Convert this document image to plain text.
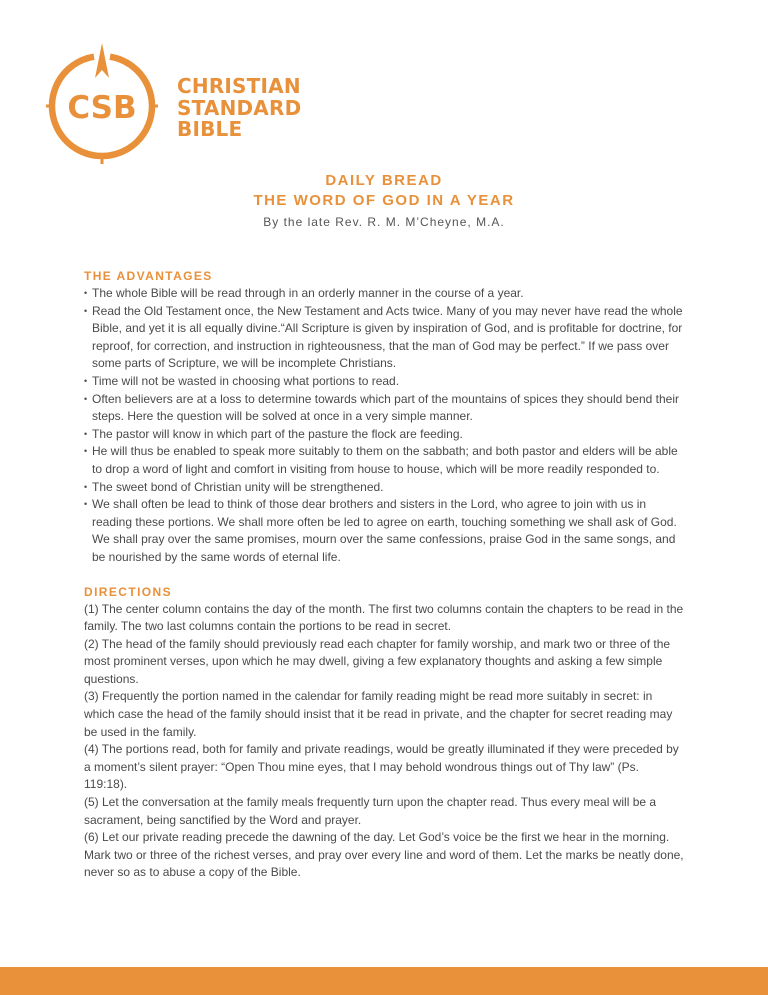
CSB
CHRISTIAN
STANDARD
BIBLE
DAILY BREAD
THE WORD OF GOD IN A YEAR
By the late Rev. R. M. M’Cheyne, M.A.
THE ADVANTAGES
• The whole Bible will be read through in an orderly manner in the course of a year.
• Read the Old Testament once, the New Testament and Acts twice. Many of you may never have read the whole Bible, and yet it is all equally divine.“All Scripture is given by inspiration of God, and is profitable for doctrine, for reproof, for correction, and instruction in righteousness, that the man of God may be perfect.” If we pass over some parts of Scripture, we will be incomplete Christians.
• Time will not be wasted in choosing what portions to read.
• Often believers are at a loss to determine towards which part of the mountains of spices they should bend their steps. Here the question will be solved at once in a very simple manner.
• The pastor will know in which part of the pasture the flock are feeding.
• He will thus be enabled to speak more suitably to them on the sabbath; and both pastor and elders will be able to drop a word of light and comfort in visiting from house to house, which will be more readily responded to.
• The sweet bond of Christian unity will be strengthened.
• We shall often be lead to think of those dear brothers and sisters in the Lord, who agree to join with us in reading these portions. We shall more often be led to agree on earth, touching something we shall ask of God. We shall pray over the same promises, mourn over the same confessions, praise God in the same songs, and be nourished by the same words of eternal life.
DIRECTIONS
(1) The center column contains the day of the month. The first two columns contain the chapters to be read in the family. The two last columns contain the portions to be read in secret.
(2) The head of the family should previously read each chapter for family worship, and mark two or three of the most prominent verses, upon which he may dwell, giving a few explanatory thoughts and asking a few simple questions.
(3) Frequently the portion named in the calendar for family reading might be read more suitably in secret: in which case the head of the family should insist that it be read in private, and the chapter for secret reading may be used in the family.
(4) The portions read, both for family and private readings, would be greatly illuminated if they were preceded by a moment’s silent prayer: “Open Thou mine eyes, that I may behold wondrous things out of Thy law” (Ps. 119:18).
(5) Let the conversation at the family meals frequently turn upon the chapter read. Thus every meal will be a sacrament, being sanctified by the Word and prayer.
(6) Let our private reading precede the dawning of the day. Let God’s voice be the first we hear in the morning. Mark two or three of the richest verses, and pray over every line and word of them. Let the marks be neatly done, never so as to abuse a copy of the Bible.
